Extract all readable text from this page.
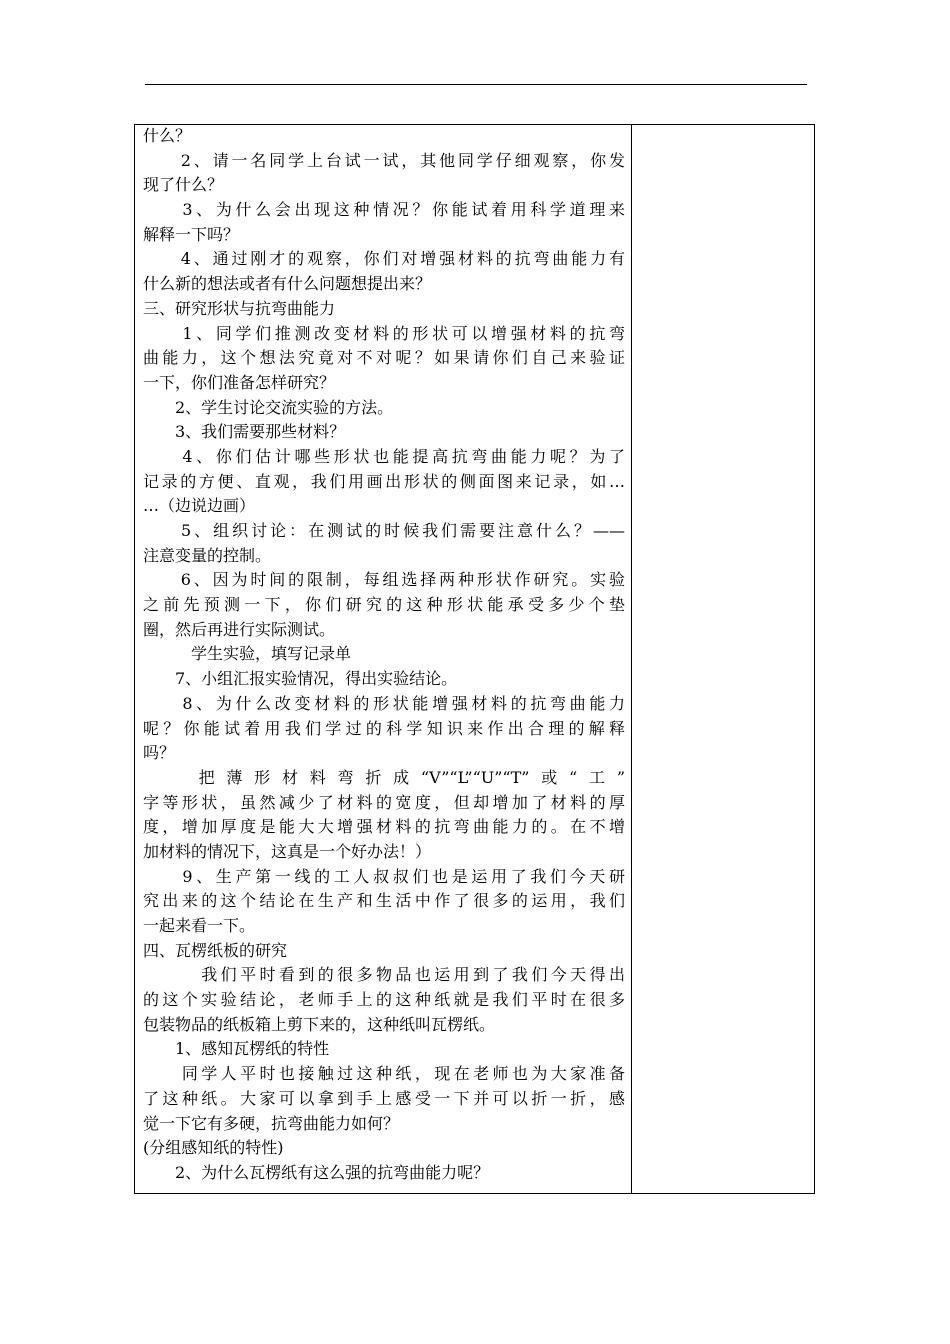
什么？
　　2、请一名同学上台试一试，其他同学仔细观察，你发
现了什么？
　　3、为什么会出现这种情况？你能试着用科学道理来
解释一下吗？
　　4、通过刚才的观察，你们对增强材料的抗弯曲能力有
什么新的想法或者有什么问题想提出来？
三、研究形状与抗弯曲能力
　　1、同学们推测改变材料的形状可以增强材料的抗弯
曲能力，这个想法究竟对不对呢？如果请你们自己来验证
一下，你们准备怎样研究？
　　2、学生讨论交流实验的方法。
　　3、我们需要那些材料？
　　4、你们估计哪些形状也能提高抗弯曲能力呢？为了
记录的方便、直观，我们用画出形状的侧面图来记录，如…
…（边说边画）
　　5、组织讨论：在测试的时候我们需要注意什么？——
注意变量的控制。
　　6、因为时间的限制，每组选择两种形状作研究。实验
之前先预测一下，你们研究的这种形状能承受多少个垫
圈，然后再进行实际测试。
　　　学生实验，填写记录单
　　7、小组汇报实验情况，得出实验结论。
　　8、为什么改变材料的形状能增强材料的抗弯曲能力
呢？你能试着用我们学过的科学知识来作出合理的解释
吗？
　　把薄形材料弯折成“V”“L”“U”“T”或“工”
字等形状，虽然减少了材料的宽度，但却增加了材料的厚
度，增加厚度是能大大增强材料的抗弯曲能力的。在不增
加材料的情况下，这真是一个好办法！）
　　9、生产第一线的工人叔叔们也是运用了我们今天研
究出来的这个结论在生产和生活中作了很多的运用，我们
一起来看一下。
四、瓦楞纸板的研究
　　　我们平时看到的很多物品也运用到了我们今天得出
的这个实验结论，老师手上的这种纸就是我们平时在很多
包装物品的纸板箱上剪下来的，这种纸叫瓦楞纸。
　　1、感知瓦楞纸的特性
　　同学人平时也接触过这种纸，现在老师也为大家准备
了这种纸。大家可以拿到手上感受一下并可以折一折，感
觉一下它有多硬，抗弯曲能力如何？
(分组感知纸的特性)
　　2、为什么瓦楞纸有这么强的抗弯曲能力呢？
